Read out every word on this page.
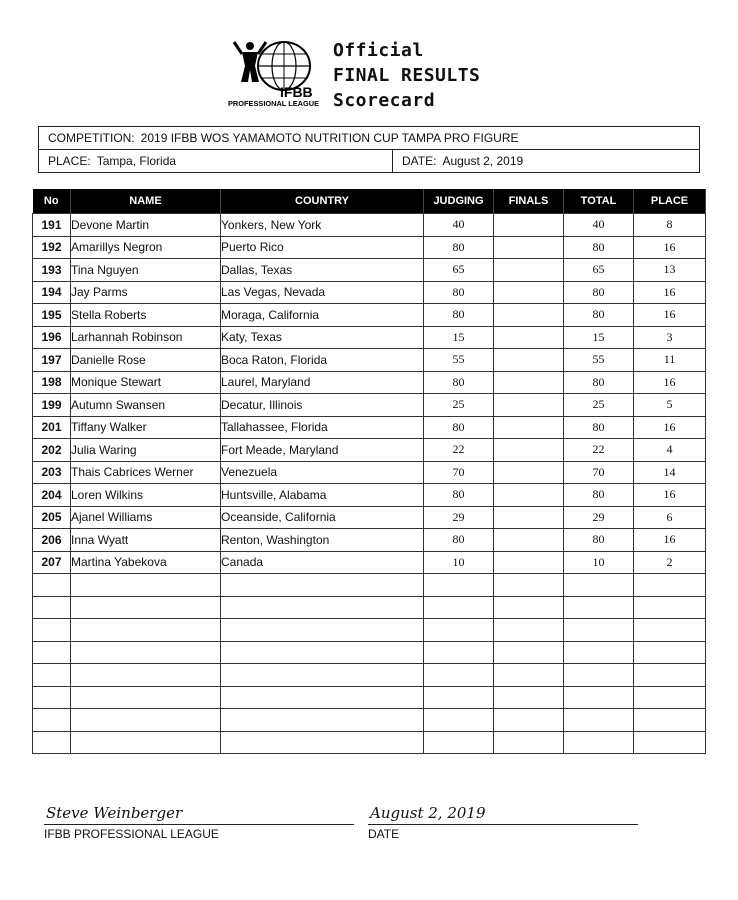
IFBB
PROFESSIONAL LEAGUE
Official
FINAL RESULTS
Scorecard
COMPETITION: 2019 IFBB WOS YAMAMOTO NUTRITION CUP TAMPA PRO FIGURE
PLACE: Tampa, Florida	DATE: August 2, 2019
No	NAME	COUNTRY	JUDGING	FINALS	TOTAL	PLACE
191	Devone Martin	Yonkers, New York	40		40	8
192	Amarillys Negron	Puerto Rico	80		80	16
193	Tina Nguyen	Dallas, Texas	65		65	13
194	Jay Parms	Las Vegas, Nevada	80		80	16
195	Stella Roberts	Moraga, California	80		80	16
196	Larhannah Robinson	Katy, Texas	15		15	3
197	Danielle Rose	Boca Raton, Florida	55		55	11
198	Monique Stewart	Laurel, Maryland	80		80	16
199	Autumn Swansen	Decatur, Illinois	25		25	5
201	Tiffany Walker	Tallahassee, Florida	80		80	16
202	Julia Waring	Fort Meade, Maryland	22		22	4
203	Thais Cabrices Werner	Venezuela	70		70	14
204	Loren Wilkins	Huntsville, Alabama	80		80	16
205	Ajanel Williams	Oceanside, California	29		29	6
206	Inna Wyatt	Renton, Washington	80		80	16
207	Martina Yabekova	Canada	10		10	2

Steve Weinberger
IFBB PROFESSIONAL LEAGUE
August 2, 2019
DATE
